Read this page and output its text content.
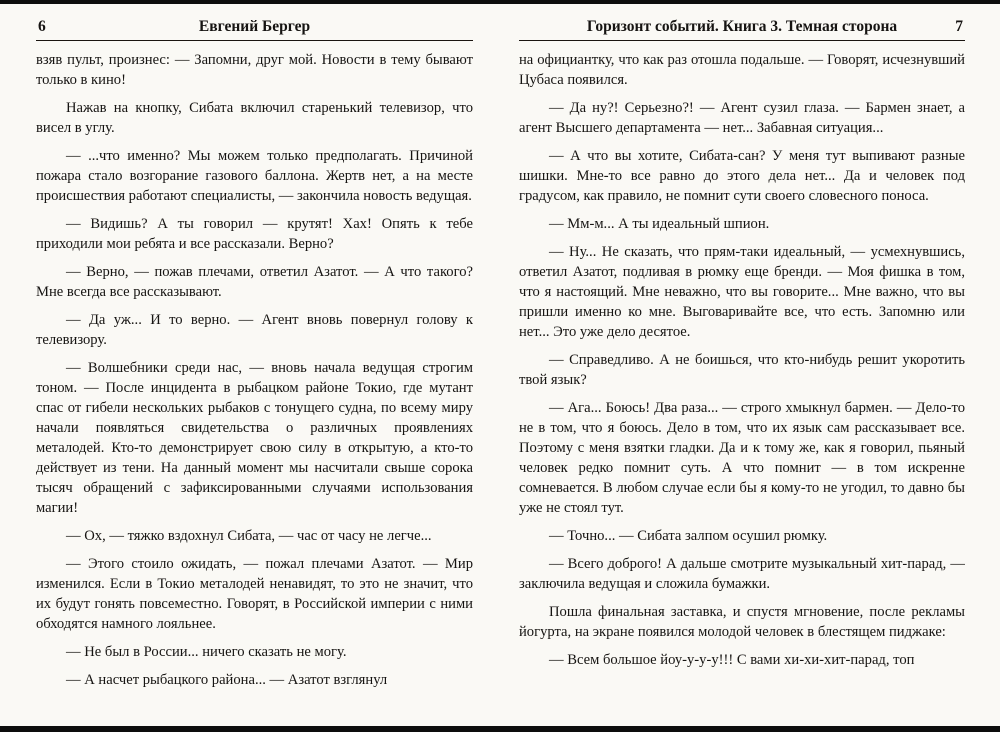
6	Евгений Бергер

взяв пульт, произнес: — Запомни, друг мой. Новости в тему бывают только в кино!

Нажав на кнопку, Сибата включил старенький телевизор, что висел в углу.

— ...что именно? Мы можем только предполагать. Причиной пожара стало возгорание газового баллона. Жертв нет, а на месте происшествия работают специалисты, — закончила новость ведущая.

— Видишь? А ты говорил — крутят! Хах! Опять к тебе приходили мои ребята и все рассказали. Верно?

— Верно, — пожав плечами, ответил Азатот. — А что такого? Мне всегда все рассказывают.

— Да уж... И то верно. — Агент вновь повернул голову к телевизору.

— Волшебники среди нас, — вновь начала ведущая строгим тоном. — После инцидента в рыбацком районе Токио, где мутант спас от гибели нескольких рыбаков с тонущего судна, по всему миру начали появляться свидетельства о различных проявлениях металодей. Кто-то демонстрирует свою силу в открытую, а кто-то действует из тени. На данный момент мы насчитали свыше сорока тысяч обращений с зафиксированными случаями использования магии!

— Ох, — тяжко вздохнул Сибата, — час от часу не легче...

— Этого стоило ожидать, — пожал плечами Азатот. — Мир изменился. Если в Токио металодей ненавидят, то это не значит, что их будут гонять повсеместно. Говорят, в Российской империи с ними обходятся намного лояльнее.

— Не был в России... ничего сказать не могу.

— А насчет рыбацкого района... — Азатот взглянул

Горизонт событий. Книга 3. Темная сторона	7

на официантку, что как раз отошла подальше. — Говорят, исчезнувший Цубаса появился.

— Да ну?! Серьезно?! — Агент сузил глаза. — Бармен знает, а агент Высшего департамента — нет... Забавная ситуация...

— А что вы хотите, Сибата-сан? У меня тут выпивают разные шишки. Мне-то все равно до этого дела нет... Да и человек под градусом, как правило, не помнит сути своего словесного поноса.

— Мм-м... А ты идеальный шпион.

— Ну... Не сказать, что прям-таки идеальный, — усмехнувшись, ответил Азатот, подливая в рюмку еще бренди. — Моя фишка в том, что я настоящий. Мне неважно, что вы говорите... Мне важно, что вы пришли именно ко мне. Выговаривайте все, что есть. Запомню или нет... Это уже дело десятое.

— Справедливо. А не боишься, что кто-нибудь решит укоротить твой язык?

— Ага... Боюсь! Два раза... — строго хмыкнул бармен. — Дело-то не в том, что я боюсь. Дело в том, что их язык сам рассказывает все. Поэтому с меня взятки гладки. Да и к тому же, как я говорил, пьяный человек редко помнит суть. А что помнит — в том искренне сомневается. В любом случае если бы я кому-то не угодил, то давно бы уже не стоял тут.

— Точно... — Сибата залпом осушил рюмку.

— Всего доброго! А дальше смотрите музыкальный хит-парад, — заключила ведущая и сложила бумажки.

Пошла финальная заставка, и спустя мгновение, после рекламы йогурта, на экране появился молодой человек в блестящем пиджаке:

— Всем большое йоу-у-у-у!!! С вами хи-хи-хит-парад, топ
